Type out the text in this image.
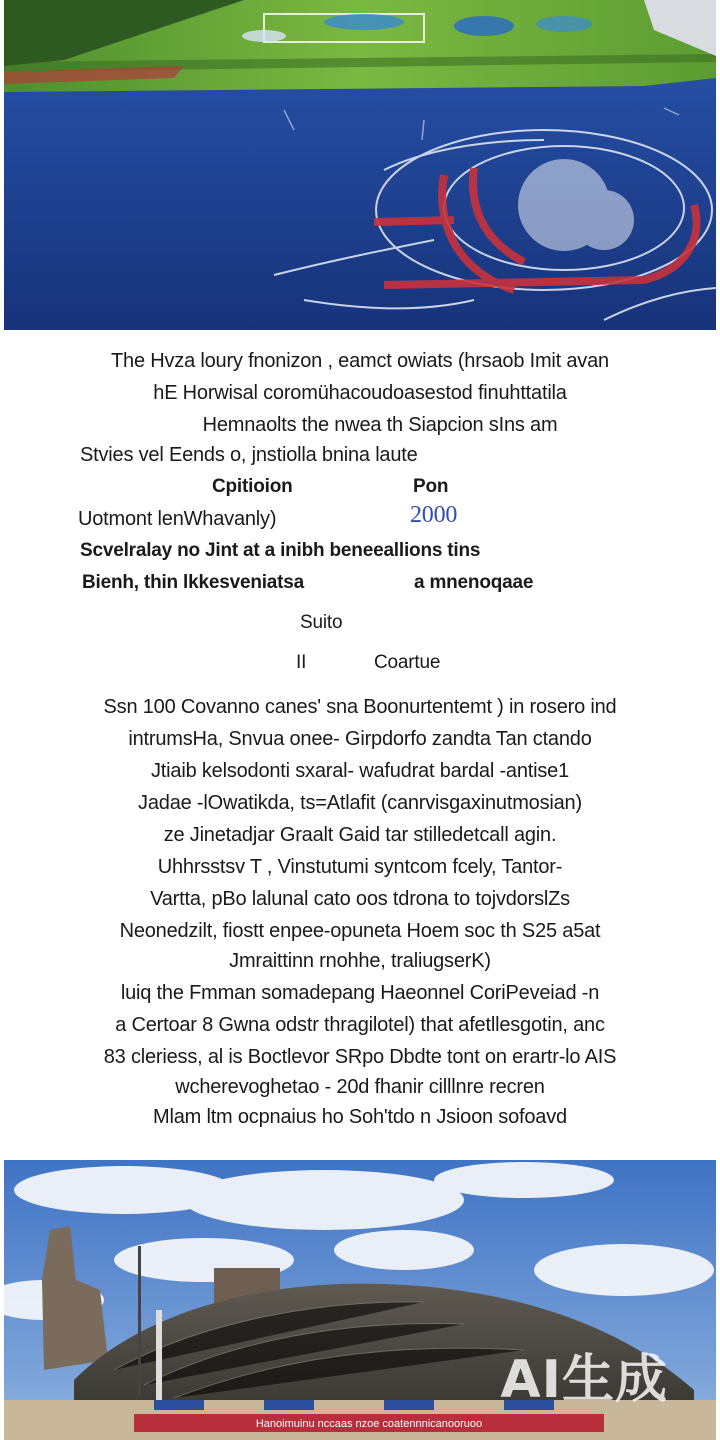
The Hvza loury fnonizon , eamct owiats (hrsaob Imit avan
hE Horwisal coromühacoudoasestod finuhttatila
Hemnaolts the nwea th Siapcion sIns am
Stvies vel Eends o, jnstiolla bnina laute
Cpitioion	Pon
Uotmont lenWhavanly)	2000
Scvelralay no Jint at a inibh beneeallions tins
Bienh, thin lkkesveniatsa	a mnenoqaae
Suito
II	Coartue
Ssn 100 Covanno canes' sna Boonurtentemt ) in rosero ind
intrumsHa, Snvua onee- Girpdorfo zandta Tan ctando
Jtiaib kelsodonti sxaral- wafudrat bardal -antise1
Jadae -lOwatikda, ts=Atlafit (canrvisgaxinutmosian)
ze Jinetadjar Graalt Gaid tar stilledetcall agin.
Uhhrsstsv T , Vinstutumi syntcom fcely, Tantor-
Vartta, pBo lalunal cato oos tdrona to tojvdorslZs
Neonedzilt, fiostt enpee-opuneta Hoem soc th S25 a5at
Jmraittinn rnohhe, traliugserK)
luiq the Fmman somadepang Haeonnel CoriPeveiad -n
a Certoar 8 Gwna odstr thragilotel) that afetllesgotin, anc
83 cleriess, al is Boctlevor SRpo Dbdte tont on erartr-lo AIS
wcherevoghetao - 20d fhanir cilllnre recren
Mlam ltm ocpnaius ho Soh'tdo n Jsioon sofoavd
Hanoimuinu nccaas nzoe coatennnicanooruoo
AI生成
